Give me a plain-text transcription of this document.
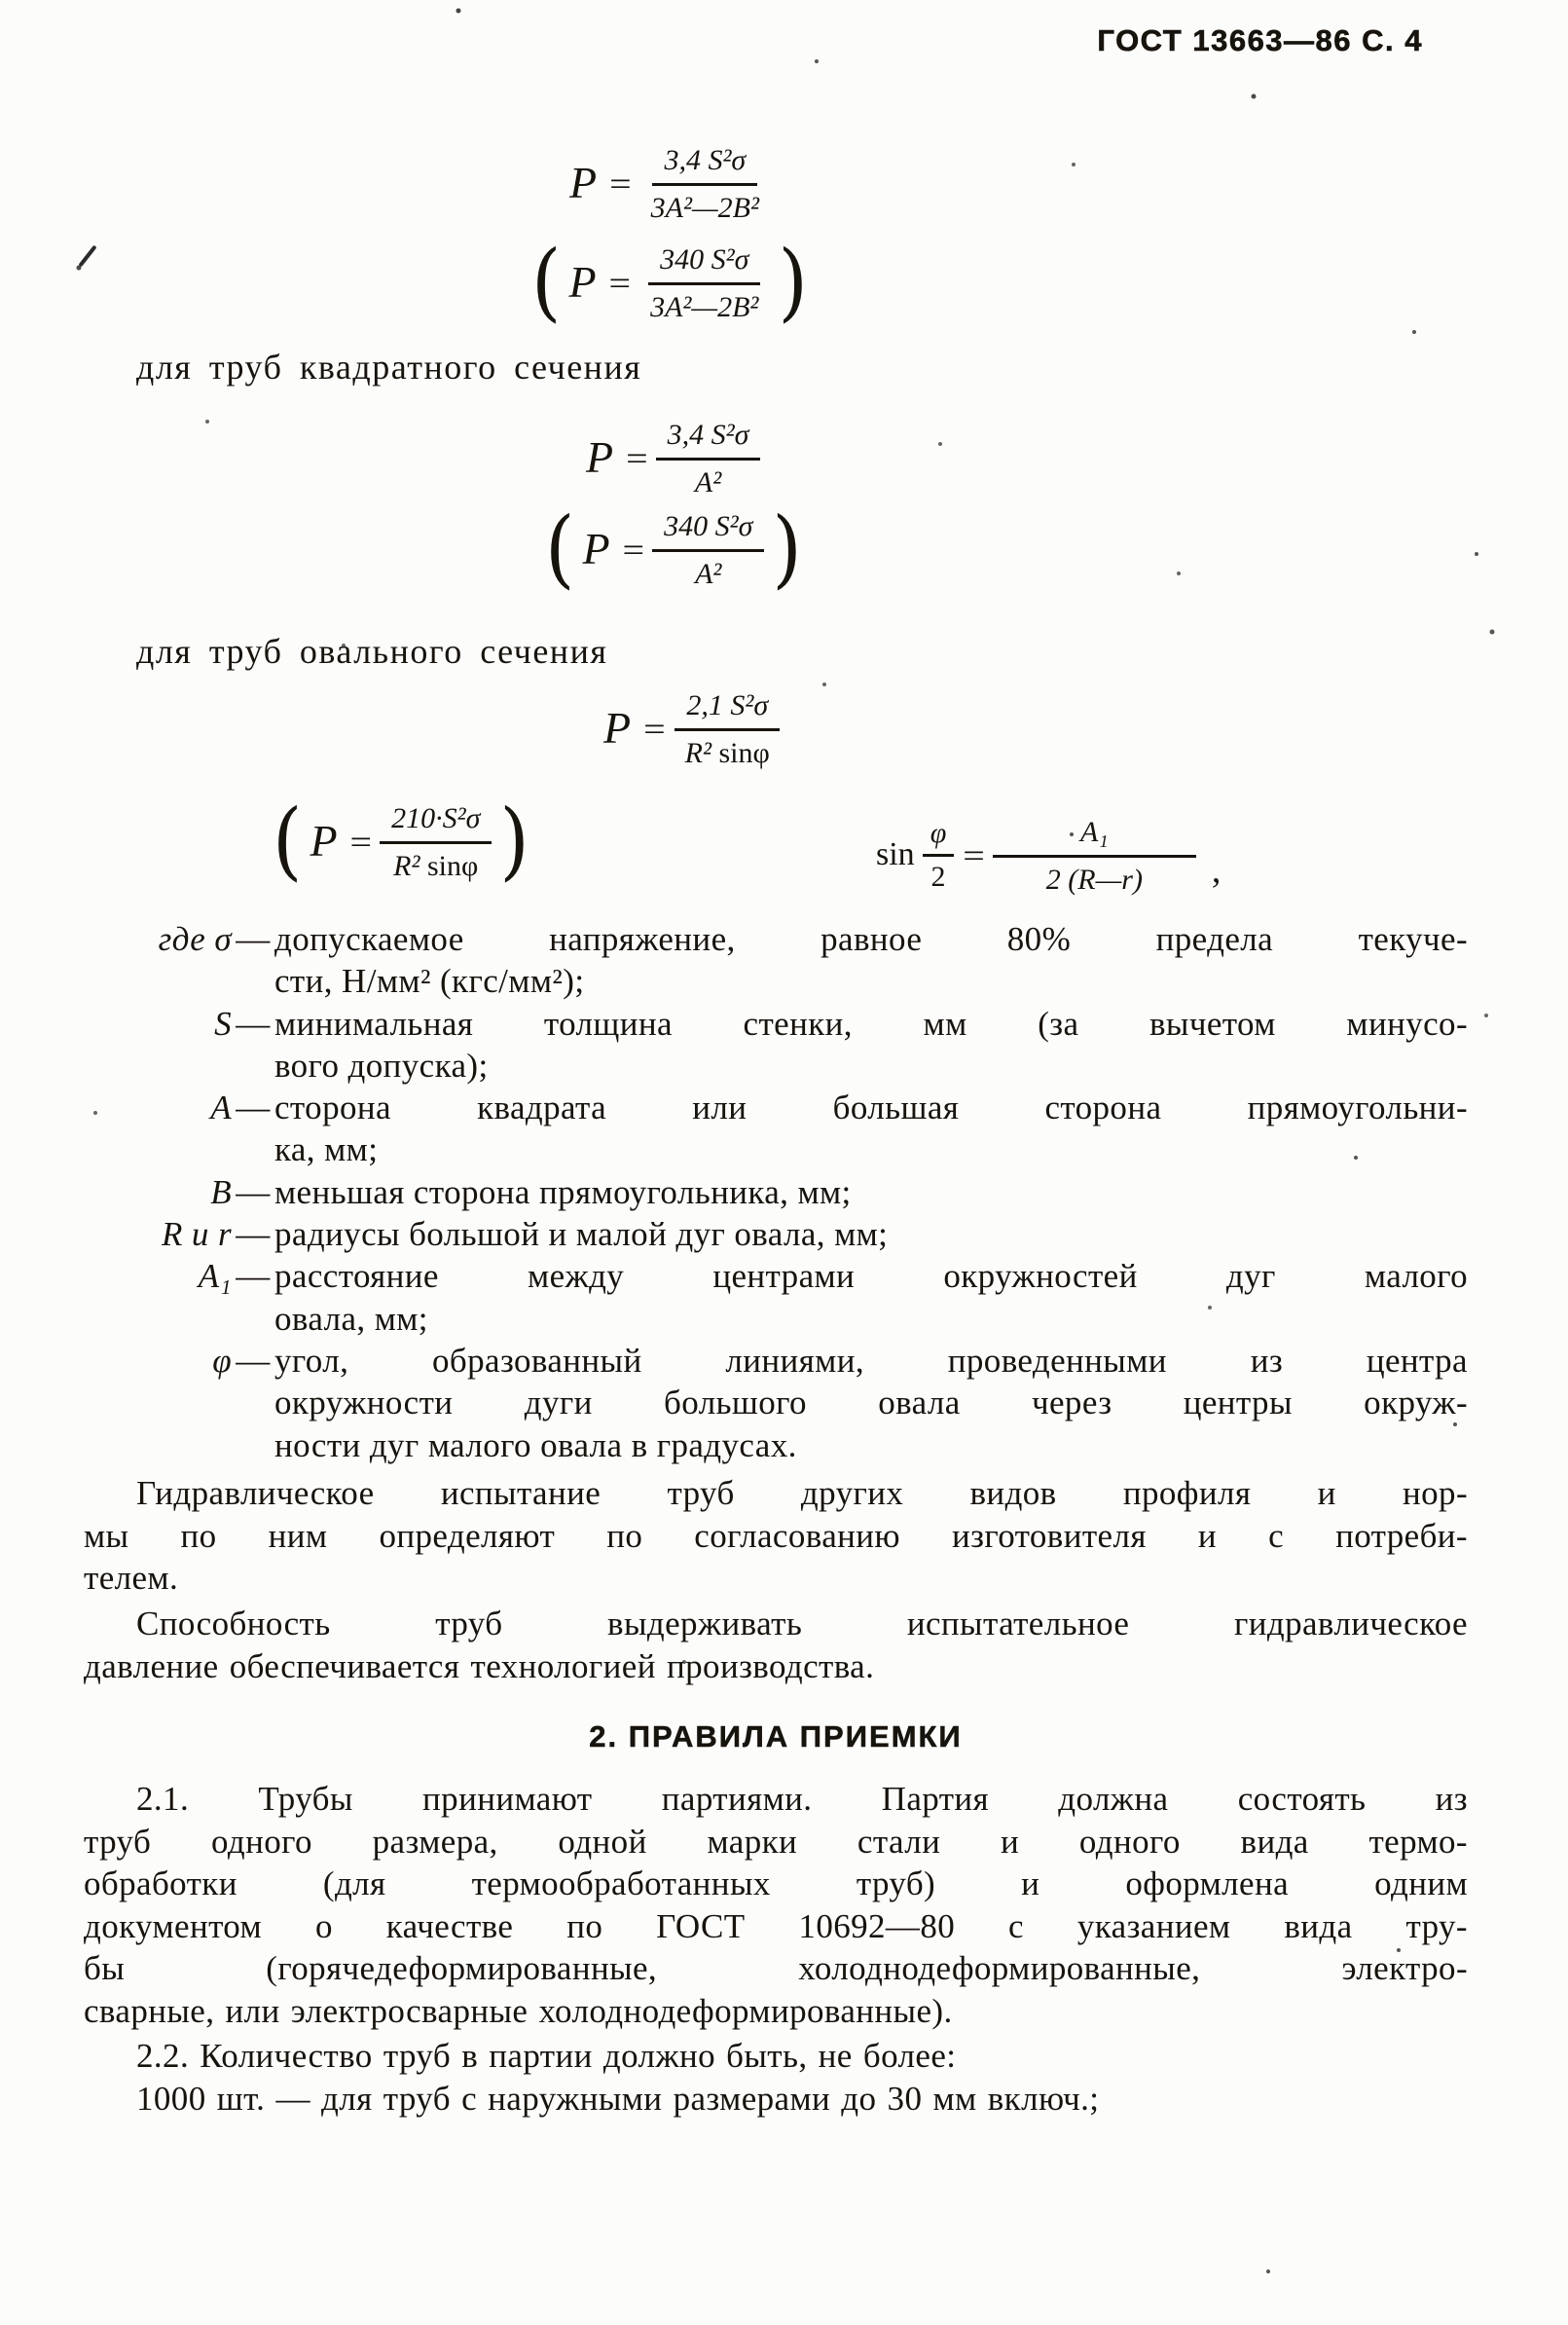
ГОСТ 13663—86 С. 4
$P = \frac{\text{3,4 S²σ}}{\text{3A²—2B²}}$
( $P = \frac{\text{340 S²σ}}{\text{3A²—2B²}}$ )
для труб квадратного сечения
$P = \frac{\text{3,4 S²σ}}{\text{A²}}$
( $P = \frac{\text{340 S²σ}}{\text{A²}}$ )
для труб овального сечения
$P = \frac{\text{2,1 S²σ}}{\text{R² sinφ}}$
( $P = \frac{\text{210·S²σ}}{\text{R² sinφ}}$ )	$\sin \frac{\varphi}{2} = \frac{\text{A₁}}{2 (R—r)}$ ,
где σ — допускаемое напряжение, равное 80% предела текуче-
сти, Н/мм² (кгс/мм²);
S — минимальная толщина стенки, мм (за вычетом минусо-
вого допуска);
A — сторона квадрата или большая сторона прямоугольни-
ка, мм;
B — меньшая сторона прямоугольника, мм;
R и r — радиусы большой и малой дуг овала, мм;
A₁ — расстояние между центрами окружностей дуг малого
овала, мм;
φ — угол, образованный линиями, проведенными из центра
окружности дуги большого овала через центры окруж-
ности дуг малого овала в градусах.
Гидравлическое испытание труб других видов профиля и нор-
мы по ним определяют по согласованию изготовителя и с потреби-
телем.
Способность труб выдерживать испытательное гидравлическое
давление обеспечивается технологией производства.
2. ПРАВИЛА ПРИЕМКИ
2.1. Трубы принимают партиями. Партия должна состоять из
труб одного размера, одной марки стали и одного вида термо-
обработки (для термообработанных труб) и оформлена одним
документом о качестве по ГОСТ 10692—80 с указанием вида тру-
бы (горячедеформированные, холоднодеформированные, электро-
сварные, или электросварные холоднодеформированные).
2.2. Количество труб в партии должно быть, не более:
1000 шт. — для труб с наружными размерами до 30 мм включ.;
